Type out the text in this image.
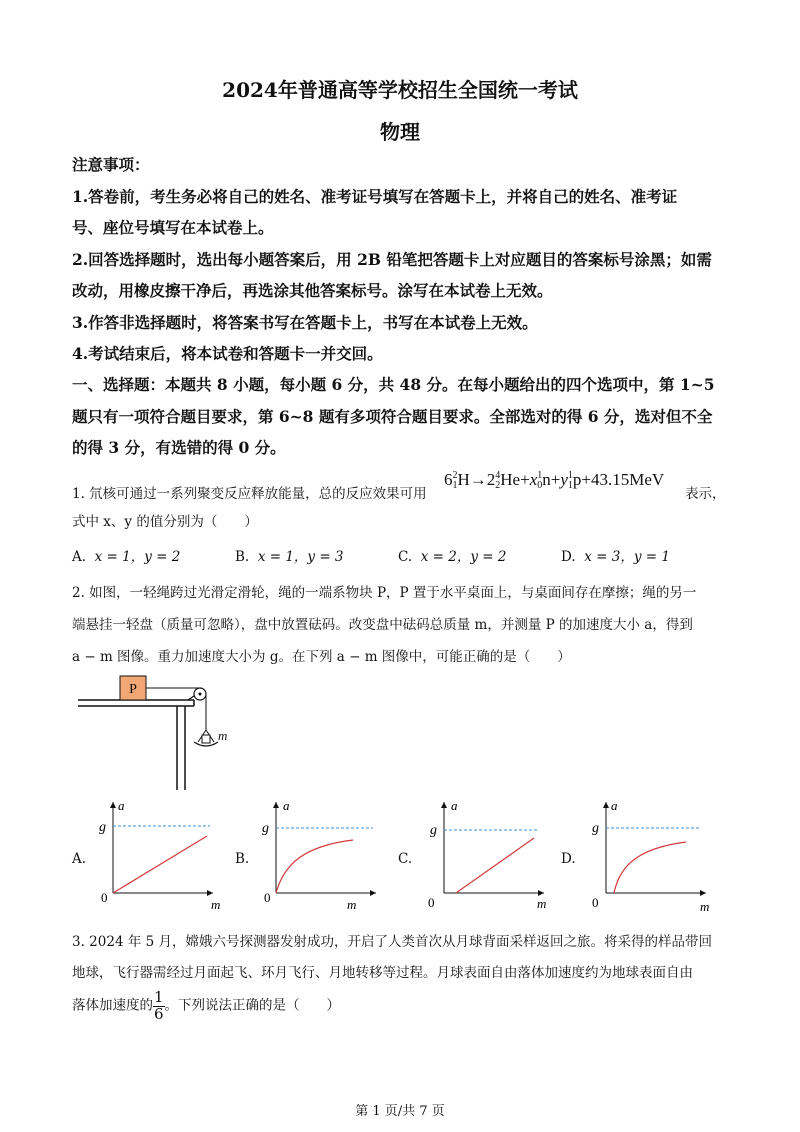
2024年普通高等学校招生全国统一考试
物理
注意事项：
1.答卷前，考生务必将自己的姓名、准考证号填写在答题卡上，并将自己的姓名、准考证
号、座位号填写在本试卷上。
2.回答选择题时，选出每小题答案后，用 2B 铅笔把答题卡上对应题目的答案标号涂黑；如需
改动，用橡皮擦干净后，再选涂其他答案标号。涂写在本试卷上无效。
3.作答非选择题时，将答案书写在答题卡上，书写在本试卷上无效。
4.考试结束后，将本试卷和答题卡一并交回。
一、选择题：本题共 8 小题，每小题 6 分，共 48 分。在每小题给出的四个选项中，第 1~5
题只有一项符合题目要求，第 6~8 题有多项符合题目要求。全部选对的得 6 分，选对但不全
的得 3 分，有选错的得 0 分。
1. 氘核可通过一系列聚变反应释放能量，总的反应效果可用
6 2
1 H→2 4
2 He+x 1
0 n+y 1
1 p+43.15MeV
表示，
式中 x、y 的值分别为（　　）
A. x = 1，y = 2	B. x = 1，y = 3	C. x = 2，y = 2	D. x = 3，y = 1
2. 如图，一轻绳跨过光滑定滑轮，绳的一端系物块 P，P 置于水平桌面上，与桌面间存在摩擦；绳的另一
端悬挂一轻盘（质量可忽略），盘中放置砝码。改变盘中砝码总质量 m，并测量 P 的加速度大小 a，得到
a − m 图像。重力加速度大小为 g。在下列 a − m 图像中，可能正确的是（　　）
P
m
A.
a
g
0	m
B.
a
g
0	m
C.
a
g
0	m
D.
a
g
0	m
3. 2024 年 5 月，嫦娥六号探测器发射成功，开启了人类首次从月球背面采样返回之旅。将采得的样品带回
地球，飞行器需经过月面起飞、环月飞行、月地转移等过程。月球表面自由落体加速度约为地球表面自由
落体加速度的 $\frac{1}{6}$ 。下列说法正确的是（　　）
第 1 页/共 7 页
